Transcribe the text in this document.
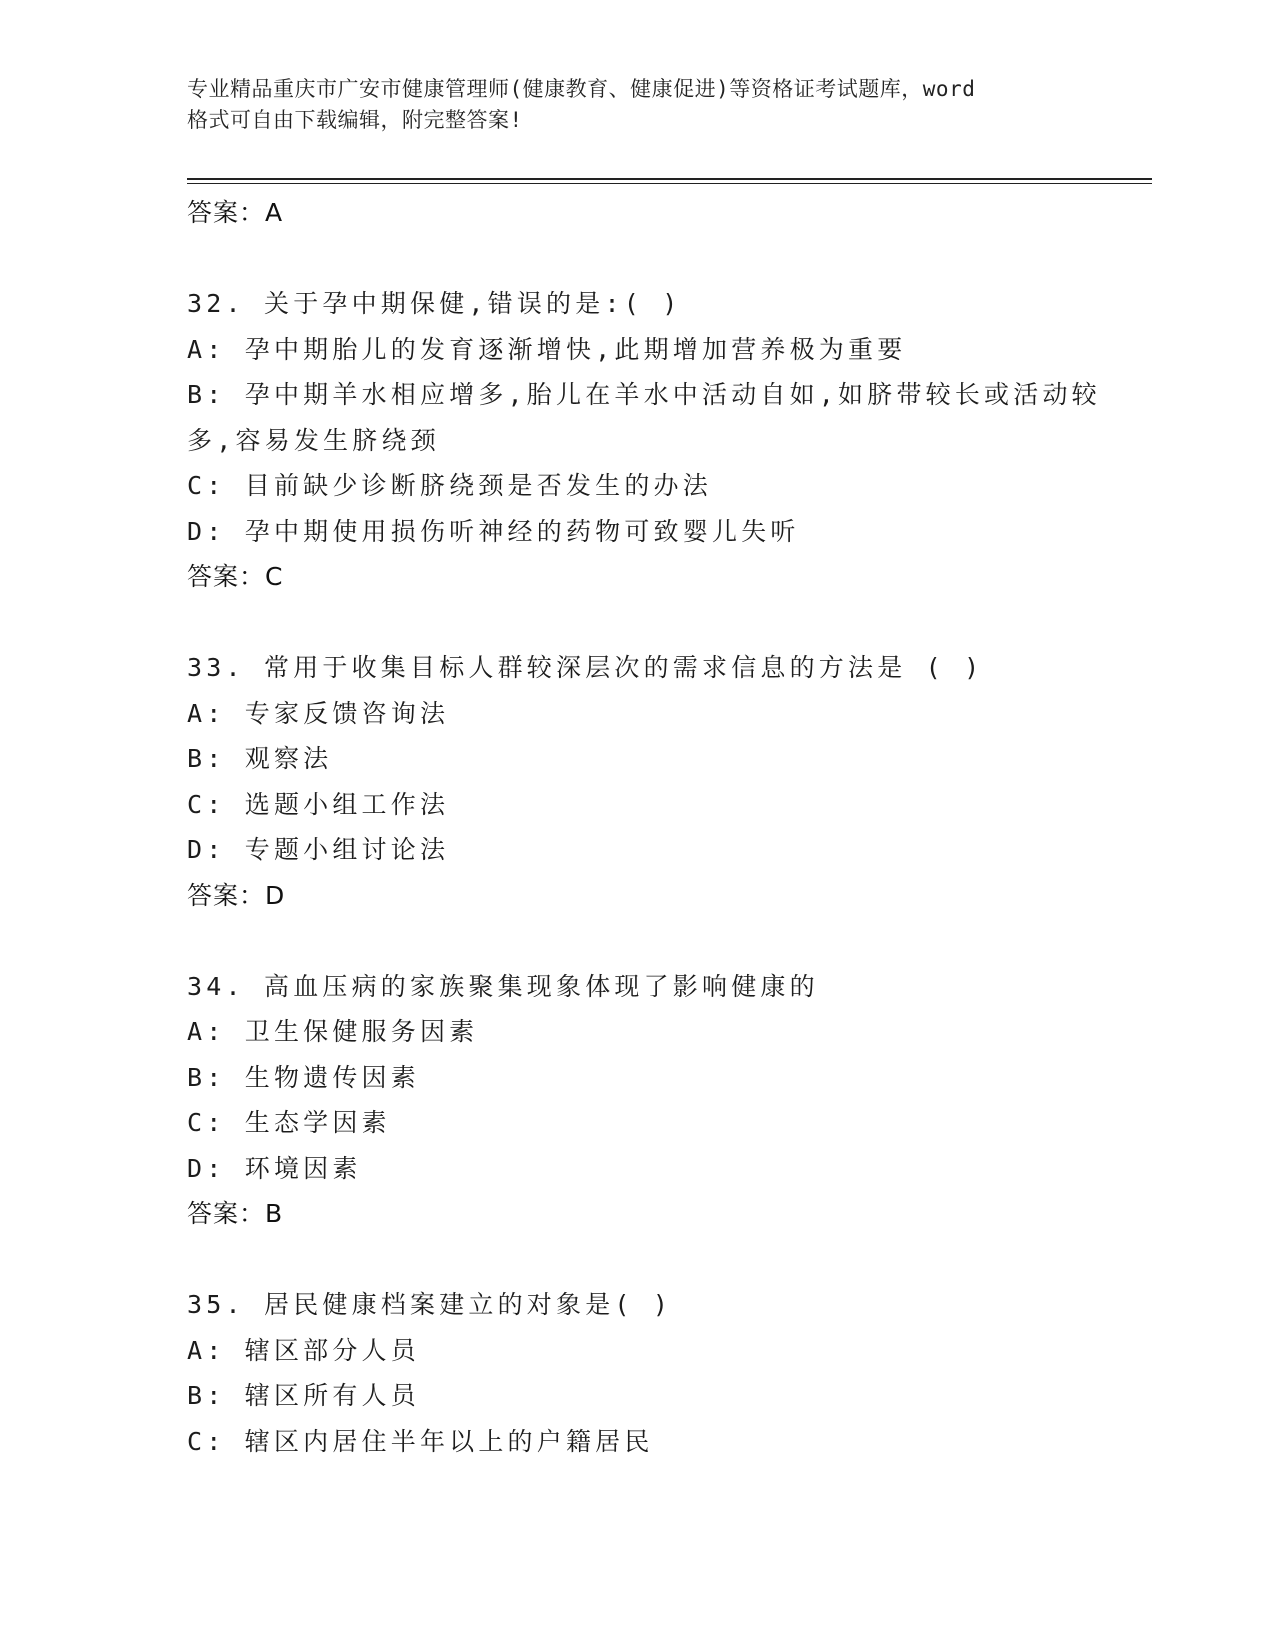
专业精品重庆市广安市健康管理师(健康教育、健康促进)等资格证考试题库，word
格式可自由下载编辑，附完整答案!
答案：A
32. 关于孕中期保健,错误的是:( )
A: 孕中期胎儿的发育逐渐增快,此期增加营养极为重要
B: 孕中期羊水相应增多,胎儿在羊水中活动自如,如脐带较长或活动较
多,容易发生脐绕颈
C: 目前缺少诊断脐绕颈是否发生的办法
D: 孕中期使用损伤听神经的药物可致婴儿失听
答案：C
33. 常用于收集目标人群较深层次的需求信息的方法是 ( )
A: 专家反馈咨询法
B: 观察法
C: 选题小组工作法
D: 专题小组讨论法
答案：D
34. 高血压病的家族聚集现象体现了影响健康的
A: 卫生保健服务因素
B: 生物遗传因素
C: 生态学因素
D: 环境因素
答案：B
35. 居民健康档案建立的对象是( )
A: 辖区部分人员
B: 辖区所有人员
C: 辖区内居住半年以上的户籍居民
